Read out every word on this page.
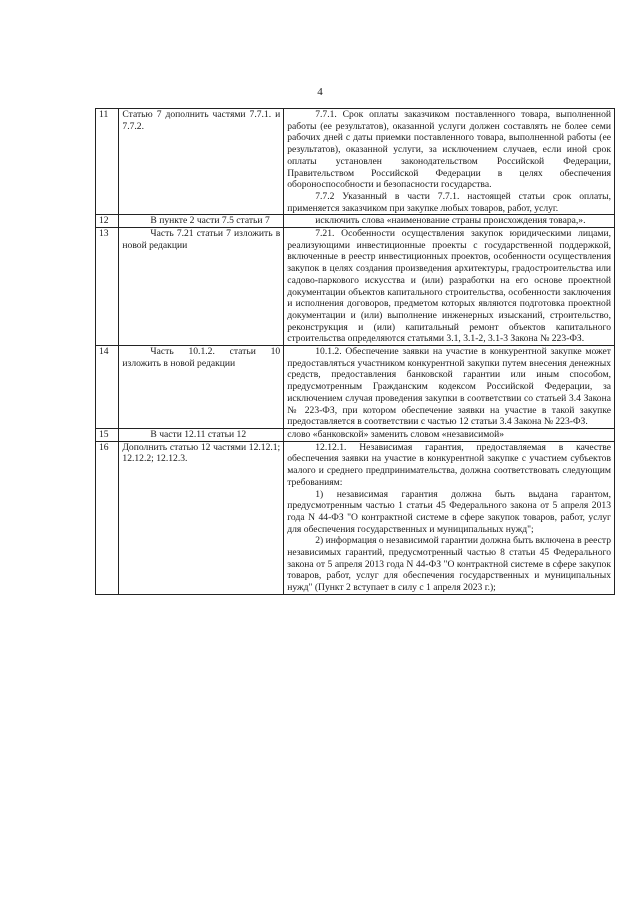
4
11	Статью 7 дополнить частями 7.7.1. и 7.7.2.	7.7.1. Срок оплаты заказчиком поставленного товара, выполненной работы (ее результатов), оказанной услуги должен составлять не более семи рабочих дней с даты приемки поставленного товара, выполненной работы (ее результатов), оказанной услуги, за исключением случаев, если иной срок оплаты установлен законодательством Российской Федерации, Правительством Российской Федерации в целях обеспечения обороноспособности и безопасности государства.

7.7.2 Указанный в части 7.7.1. настоящей статьи срок оплаты, применяется заказчиком при закупке любых товаров, работ, услуг.

12	В пункте 2 части 7.5 статьи 7	исключить слова «наименование страны происхождения товара,».

13	Часть 7.21 статьи 7 изложить в новой редакции	7.21. Особенности осуществления закупок юридическими лицами, реализующими инвестиционные проекты с государственной поддержкой, включенные в реестр инвестиционных проектов, особенности осуществления закупок в целях создания произведения архитектуры, градостроительства или садово-паркового искусства и (или) разработки на его основе проектной документации объектов капитального строительства, особенности заключения и исполнения договоров, предметом которых являются подготовка проектной документации и (или) выполнение инженерных изысканий, строительство, реконструкция и (или) капитальный ремонт объектов капитального строительства определяются статьями 3.1, 3.1-2, 3.1-3 Закона № 223-ФЗ.

14	Часть 10.1.2. статьи 10 изложить в новой редакции	10.1.2. Обеспечение заявки на участие в конкурентной закупке может предоставляться участником конкурентной закупки путем внесения денежных средств, предоставления банковской гарантии или иным способом, предусмотренным Гражданским кодексом Российской Федерации, за исключением случая проведения закупки в соответствии со статьей 3.4 Закона № 223-ФЗ, при котором обеспечение заявки на участие в такой закупке предоставляется в соответствии с частью 12 статьи 3.4 Закона № 223-ФЗ.

15	В части 12.11 статьи 12	слово «банковской» заменить словом «независимой»

16	Дополнить статью 12 частями 12.12.1; 12.12.2; 12.12.3.	12.12.1. Независимая гарантия, предоставляемая в качестве обеспечения заявки на участие в конкурентной закупке с участием субъектов малого и среднего предпринимательства, должна соответствовать следующим требованиям:

1) независимая гарантия должна быть выдана гарантом, предусмотренным частью 1 статьи 45 Федерального закона от 5 апреля 2013 года N 44-ФЗ "О контрактной системе в сфере закупок товаров, работ, услуг для обеспечения государственных и муниципальных нужд";

2) информация о независимой гарантии должна быть включена в реестр независимых гарантий, предусмотренный частью 8 статьи 45 Федерального закона от 5 апреля 2013 года N 44-ФЗ "О контрактной системе в сфере закупок товаров, работ, услуг для обеспечения государственных и муниципальных нужд" (Пункт 2 вступает в силу с 1 апреля 2023 г.);
